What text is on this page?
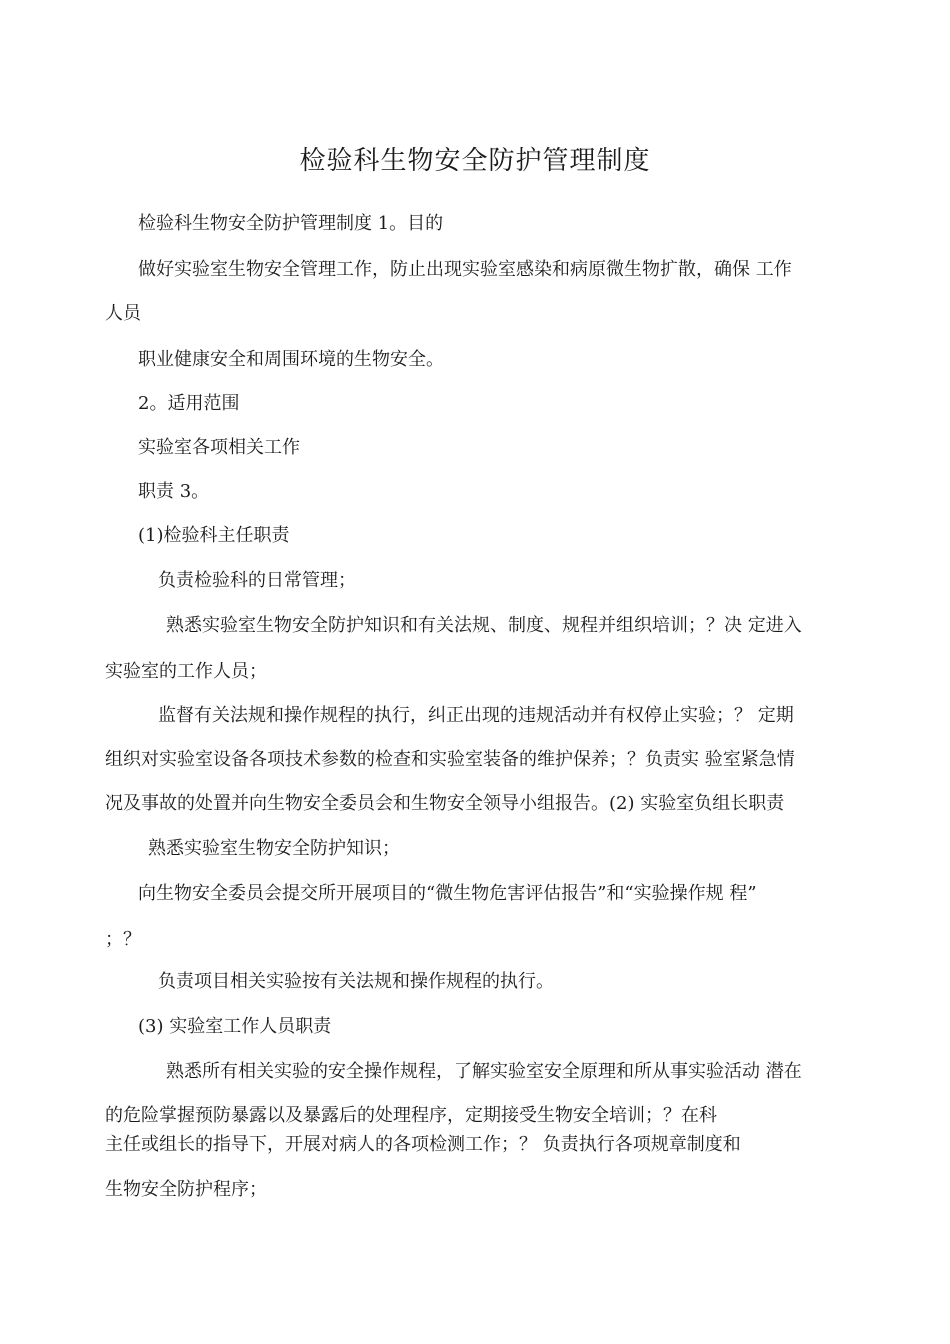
检验科生物安全防护管理制度
检验科生物安全防护管理制度 1。目的
做好实验室生物安全管理工作，防止出现实验室感染和病原微生物扩散，确保 工作
人员
职业健康安全和周围环境的生物安全。
2。适用范围
实验室各项相关工作
职责 3。
(1)检验科主任职责
负责检验科的日常管理；
熟悉实验室生物安全防护知识和有关法规、制度、规程并组织培训；？决 定进入
实验室的工作人员；
监督有关法规和操作规程的执行，纠正出现的违规活动并有权停止实验；？ 定期
组织对实验室设备各项技术参数的检查和实验室装备的维护保养；？负责实 验室紧急情
况及事故的处置并向生物安全委员会和生物安全领导小组报告。(2) 实验室负组长职责
熟悉实验室生物安全防护知识；
向生物安全委员会提交所开展项目的“微生物危害评估报告”和“实验操作规 程”
；？
负责项目相关实验按有关法规和操作规程的执行。
(3) 实验室工作人员职责
熟悉所有相关实验的安全操作规程，了解实验室安全原理和所从事实验活动 潜在
的危险掌握预防暴露以及暴露后的处理程序，定期接受生物安全培训；？在科
主任或组长的指导下，开展对病人的各项检测工作；？ 负责执行各项规章制度和
生物安全防护程序；
